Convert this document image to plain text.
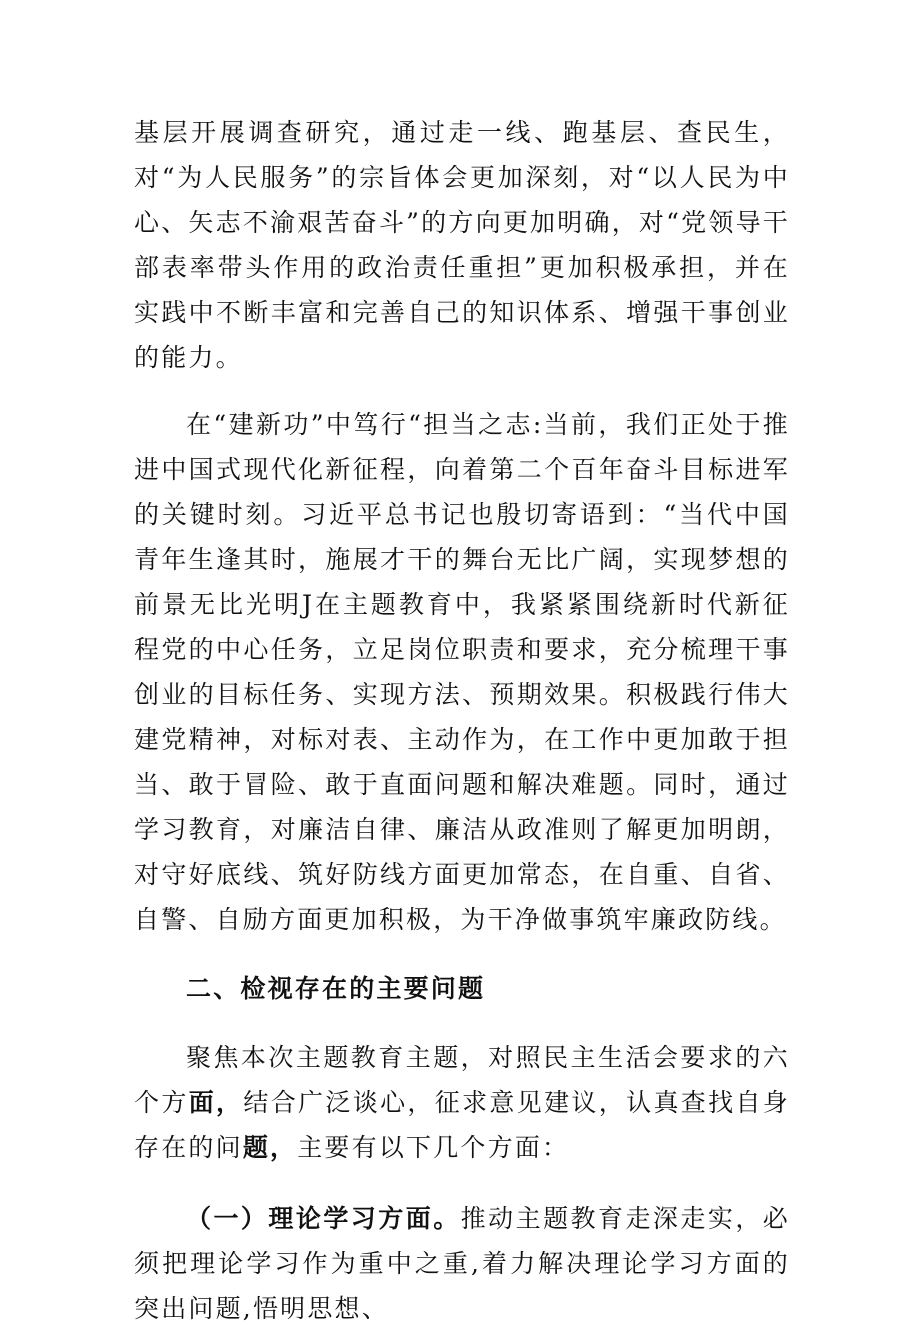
基层开展调查研究，通过走一线、跑基层、查民生，对“为人民服务”的宗旨体会更加深刻，对“以人民为中心、矢志不渝艰苦奋斗”的方向更加明确，对“党领导干部表率带头作用的政治责任重担”更加积极承担，并在实践中不断丰富和完善自己的知识体系、增强干事创业的能力。

在“建新功”中笃行“担当之志:当前，我们正处于推进中国式现代化新征程，向着第二个百年奋斗目标进军的关键时刻。习近平总书记也殷切寄语到：“当代中国青年生逢其时，施展才干的舞台无比广阔，实现梦想的前景无比光明J在主题教育中，我紧紧围绕新时代新征程党的中心任务，立足岗位职责和要求，充分梳理干事创业的目标任务、实现方法、预期效果。积极践行伟大建党精神，对标对表、主动作为，在工作中更加敢于担当、敢于冒险、敢于直面问题和解决难题。同时，通过学习教育，对廉洁自律、廉洁从政准则了解更加明朗，对守好底线、筑好防线方面更加常态，在自重、自省、自警、自励方面更加积极，为干净做事筑牢廉政防线。

二、检视存在的主要问题

聚焦本次主题教育主题，对照民主生活会要求的六个方面，结合广泛谈心，征求意见建议，认真查找自身存在的问题，主要有以下几个方面：

（一）理论学习方面。推动主题教育走深走实，必须把理论学习作为重中之重,着力解决理论学习方面的突出问题,悟明思想、
